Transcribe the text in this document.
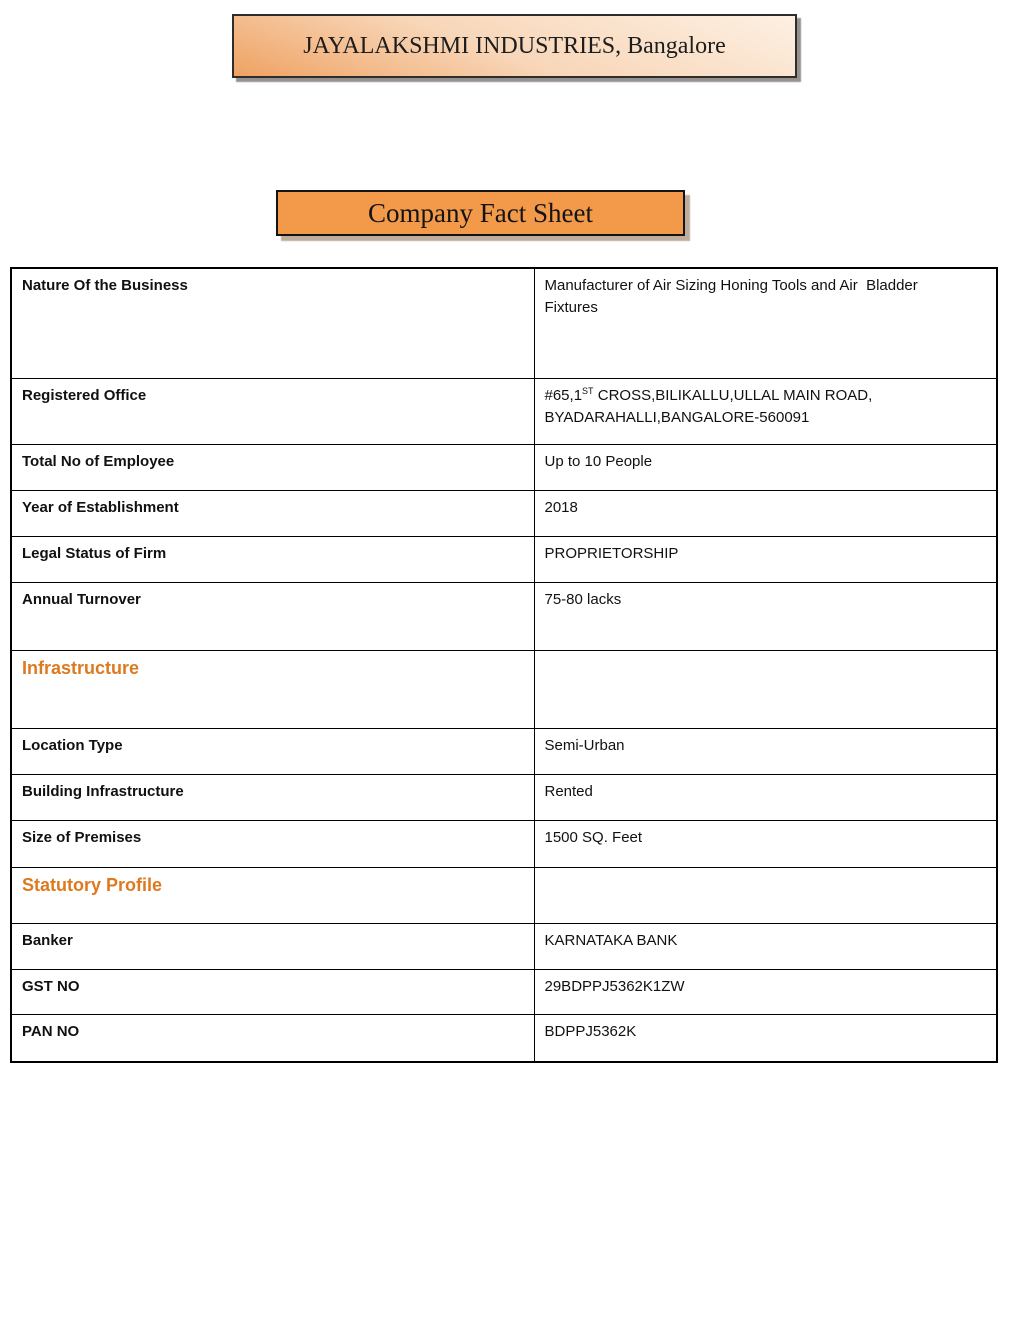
JAYALAKSHMI INDUSTRIES, Bangalore
Company Fact Sheet
Nature Of the Business	Manufacturer of Air Sizing Honing Tools and Air  Bladder Fixtures

Registered Office	#65,1ST CROSS,BILIKALLU,ULLAL MAIN ROAD,
BYADARAHALLI,BANGALORE-560091

Total No of Employee	Up to 10 People
Year of Establishment	2018
Legal Status of Firm	PROPRIETORSHIP
Annual Turnover	75-80 lacks
Infrastructure	
Location Type	Semi-Urban
Building Infrastructure	Rented
Size of Premises	1500 SQ. Feet
Statutory Profile	
Banker	KARNATAKA BANK
GST NO	29BDPPJ5362K1ZW
PAN NO	BDPPJ5362K
